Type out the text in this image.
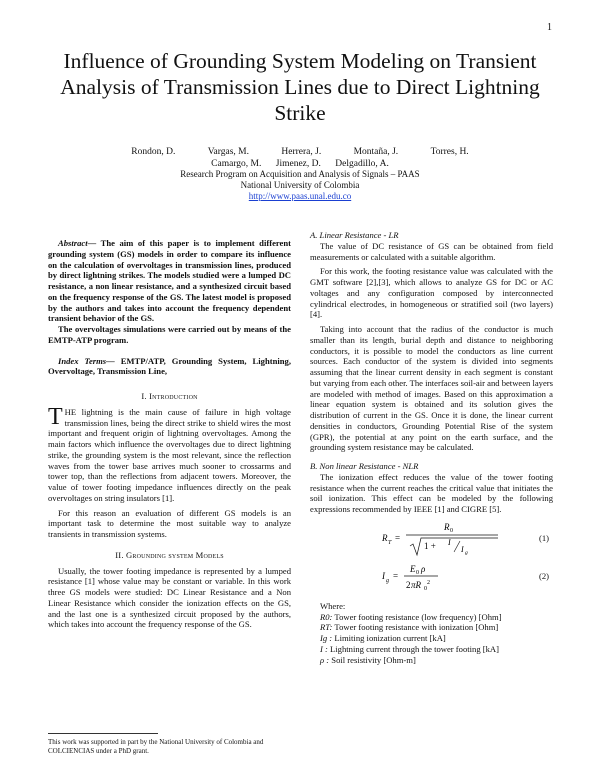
1
Influence of Grounding System Modeling on Transient Analysis of Transmission Lines due to Direct Lightning Strike
Rondon, D.	Vargas, M.	Herrera, J.	Montaña, J.	Torres, H.
Camargo, M. Jimenez, D. Delgadillo, A.
Research Program on Acquisition and Analysis of Signals – PAAS
National University of Colombia
http://www.paas.unal.edu.co

Abstract— The aim of this paper is to implement different grounding system (GS) models in order to compare its influence on the calculation of overvoltages in transmission lines, produced by direct lightning strikes. The models studied were a lumped DC resistance, a non linear resistance, and a synthesized circuit based on the frequency response of the GS. The latest model is proposed by the authors and takes into account the frequency dependent transient behavior of the GS.

The overvoltages simulations were carried out by means of the EMTP-ATP program.

Index Terms— EMTP/ATP, Grounding System, Lightning, Overvoltage, Transmission Line,

I. Introduction

THE lightning is the main cause of failure in high voltage transmission lines, being the direct strike to shield wires the most important and frequent origin of lightning overvoltages. Among the main factors which influence the overvoltages due to direct lightning strike, the grounding system is the most relevant, since the reflection waves from the tower base arrives much sooner to crossarms and tower top, than the reflections from adjacent towers. Moreover, the value of tower footing impedance influences directly on the peak overvoltages on string insulators [1].

For this reason an evaluation of different GS models is an important task to determine the most suitable way to analyze transients in transmission systems.

II. Grounding system Models

Usually, the tower footing impedance is represented by a lumped resistance [1] whose value may be constant or variable. In this work three GS models were studied: DC Linear Resistance and a Non Linear Resistance which consider the ionization effects on the GS, and the last one is a synthesized circuit proposed by the authors, which takes into account the frequency response of the GS.

This work was supported in part by the National University of Colombia and COLCIENCIAS under a PhD grant.

A. Linear Resistance - LR

The value of DC resistance of GS can be obtained from field measurements or calculated with a suitable algorithm.

For this work, the footing resistance value was calculated with the GMT software [2],[3], which allows to analyze GS for DC or AC voltages and any configuration composed by interconnected cylindrical electrodes, in homogeneous or stratified soil (two layers) [4].

Taking into account that the radius of the conductor is much smaller than its length, burial depth and distance to neighboring conductors, it is possible to model the conductors as line current sources. Each conductor of the system is divided into segments assuming that the linear current density in each segment is constant but varying from each other. The interfaces soil-air and between layers are modeled with method of images. Based on this approximation a linear equation system is obtained and its solution gives the distribution of current in the GS. Once it is done, the linear current densities in conductors, Grounding Potential Rise of the system (GPR), the potential at any point on the earth surface, and the grounding system resistance may be calculated.

B. Non linear Resistance - NLR

The ionization effect reduces the value of the tower footing resistance when the current reaches the critical value that initiates the soil ionization. This effect can be modeled by the following expressions recommended by IEEE [1] and CIGRE [5].

R T =
R 0
1 + I
I g
(1)
I g =
E 0 ρ
2 πR 0
2
(2)

Where:

R0: Tower footing resistance (low frequency) [Ohm]

RT: Tower footing resistance with ionization [Ohm]

Ig : Limiting ionization current [kA]

I : Lightning current through the tower footing [kA]

ρ : Soil resistivity [Ohm-m]
